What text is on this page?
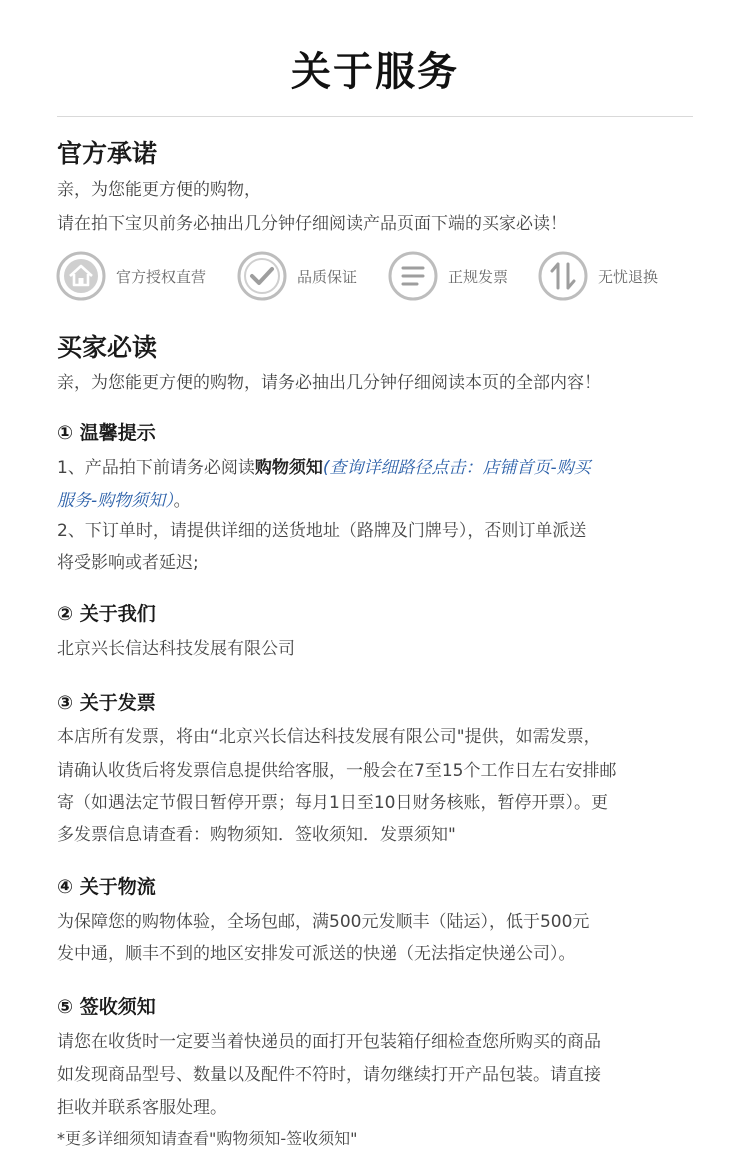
关于服务
官方承诺
亲，为您能更方便的购物，
请在拍下宝贝前务必抽出几分钟仔细阅读产品页面下端的买家必读！
官方授权直营	品质保证	正规发票	无忧退换
买家必读
亲，为您能更方便的购物，请务必抽出几分钟仔细阅读本页的全部内容！
① 温馨提示
1、产品拍下前请务必阅读购物须知(查询详细路径点击：店铺首页-购买
服务-购物须知）。
2、下订单时，请提供详细的送货地址（路牌及门牌号），否则订单派送
将受影响或者延迟;
② 关于我们
北京兴长信达科技发展有限公司
③ 关于发票
本店所有发票，将由“北京兴长信达科技发展有限公司"提供，如需发票，
请确认收货后将发票信息提供给客服，一般会在7至15个工作日左右安排邮
寄（如遇法定节假日暂停开票；每月1日至10日财务核账，暂停开票）。更
多发票信息请查看：购物须知．签收须知．发票须知"
④ 关于物流
为保障您的购物体验，全场包邮，满500元发顺丰（陆运），低于500元
发中通，顺丰不到的地区安排发可派送的快递（无法指定快递公司）。
⑤ 签收须知
请您在收货时一定要当着快递员的面打开包装箱仔细检查您所购买的商品
如发现商品型号、数量以及配件不符时，请勿继续打开产品包装。请直接
拒收并联系客服处理。
*更多详细须知请查看"购物须知-签收须知"
